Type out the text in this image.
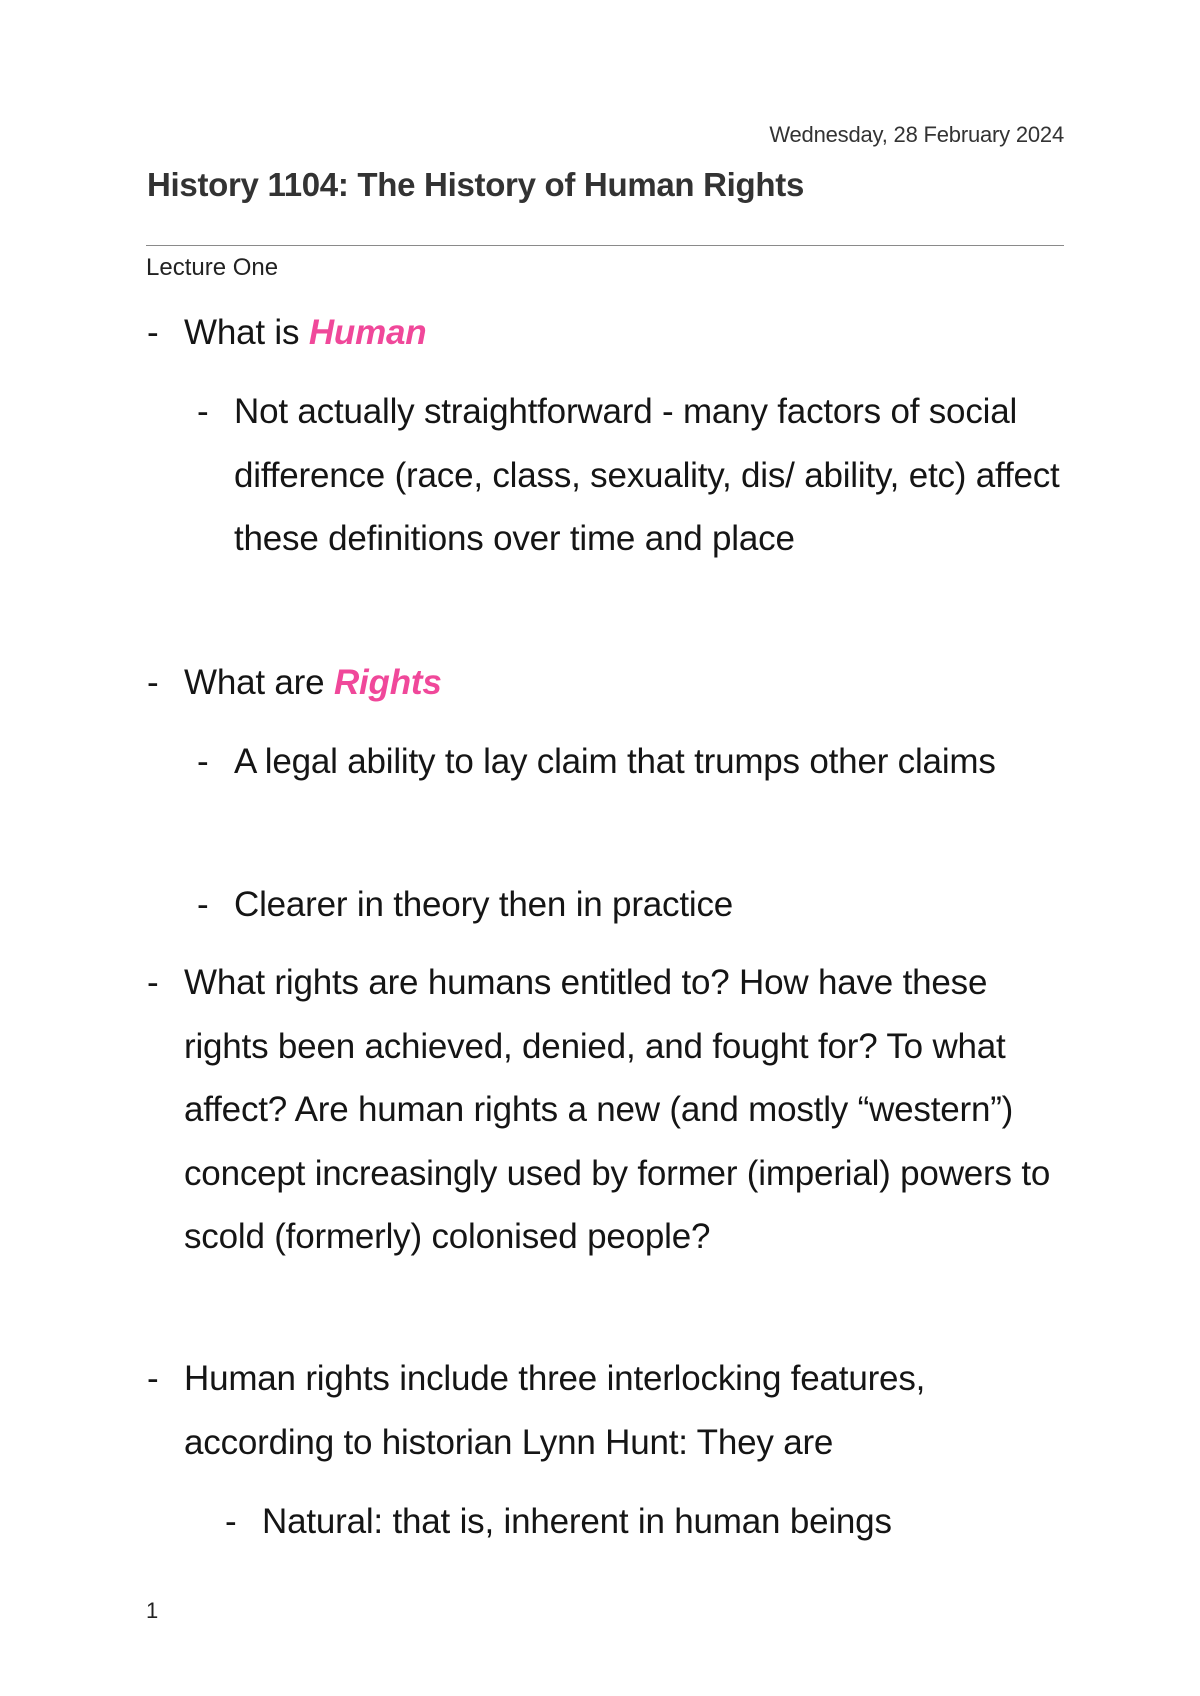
Wednesday, 28 February 2024
History 1104: The History of Human Rights
Lecture One
- What is Human
- Not actually straightforward - many factors of social difference (race, class, sexuality, dis/ ability, etc) affect these definitions over time and place
- What are Rights
- A legal ability to lay claim that trumps other claims
- Clearer in theory then in practice
- What rights are humans entitled to? How have these rights been achieved, denied, and fought for? To what affect? Are human rights a new (and mostly “western”) concept increasingly used by former (imperial) powers to scold (formerly) colonised people?
- Human rights include three interlocking features, according to historian Lynn Hunt: They are
- Natural: that is, inherent in human beings
1
